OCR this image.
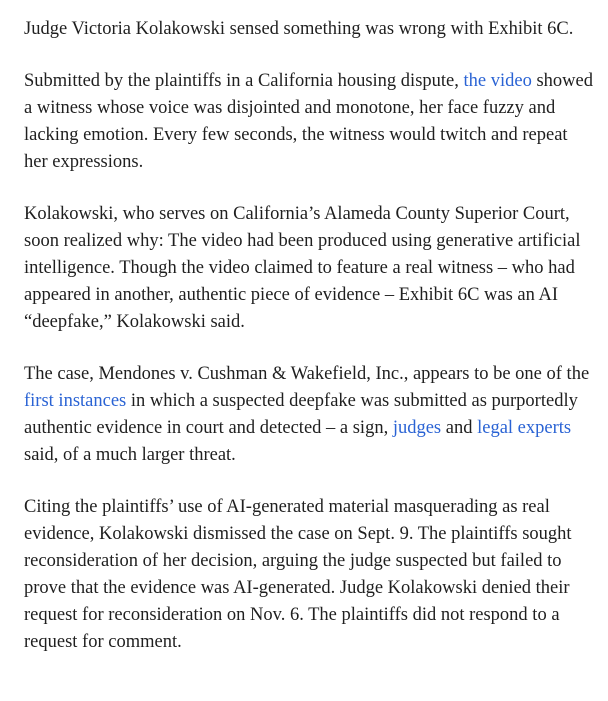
Judge Victoria Kolakowski sensed something was wrong with Exhibit 6C.

Submitted by the plaintiffs in a California housing dispute, the video showed a witness whose voice was disjointed and monotone, her face fuzzy and lacking emotion. Every few seconds, the witness would twitch and repeat her expressions.

Kolakowski, who serves on California’s Alameda County Superior Court, soon realized why: The video had been produced using generative artificial intelligence. Though the video claimed to feature a real witness – who had appeared in another, authentic piece of evidence – Exhibit 6C was an AI “deepfake,” Kolakowski said.

The case, Mendones v. Cushman & Wakefield, Inc., appears to be one of the first instances in which a suspected deepfake was submitted as purportedly authentic evidence in court and detected – a sign, judges and legal experts said, of a much larger threat.

Citing the plaintiffs’ use of AI-generated material masquerading as real evidence, Kolakowski dismissed the case on Sept. 9. The plaintiffs sought reconsideration of her decision, arguing the judge suspected but failed to prove that the evidence was AI-generated. Judge Kolakowski denied their request for reconsideration on Nov. 6. The plaintiffs did not respond to a request for comment.
